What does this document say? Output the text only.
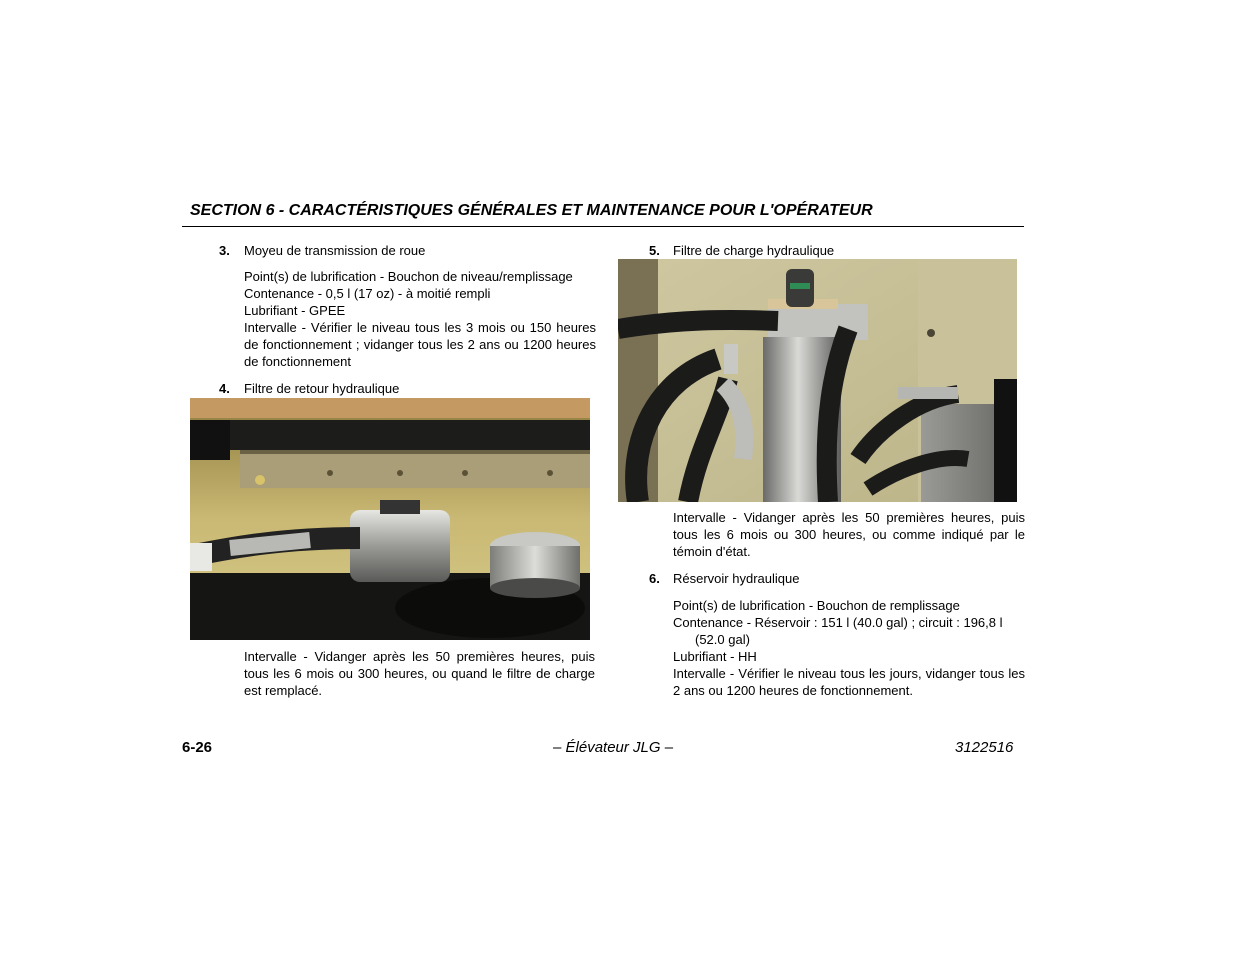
SECTION 6 - CARACTÉRISTIQUES GÉNÉRALES ET MAINTENANCE POUR L'OPÉRATEUR
3. Moyeu de transmission de roue
Point(s) de lubrification - Bouchon de niveau/remplissage
Contenance - 0,5 l (17 oz) - à moitié rempli
Lubrifiant - GPEE
Intervalle - Vérifier le niveau tous les 3 mois ou 150 heures de fonctionnement ; vidanger tous les 2 ans ou 1200 heures de fonctionnement
4. Filtre de retour hydraulique
Intervalle - Vidanger après les 50 premières heures, puis tous les 6 mois ou 300 heures, ou quand le filtre de charge est remplacé.
5. Filtre de charge hydraulique
Intervalle - Vidanger après les 50 premières heures, puis tous les 6 mois ou 300 heures, ou comme indiqué par le témoin d'état.
6. Réservoir hydraulique
Point(s) de lubrification - Bouchon de remplissage
Contenance - Réservoir : 151 l (40.0 gal) ; circuit : 196,8 l
(52.0 gal)
Lubrifiant - HH
Intervalle - Vérifier le niveau tous les jours, vidanger tous les 2 ans ou 1200 heures de fonctionnement.
6-26	– Élévateur JLG –	3122516
